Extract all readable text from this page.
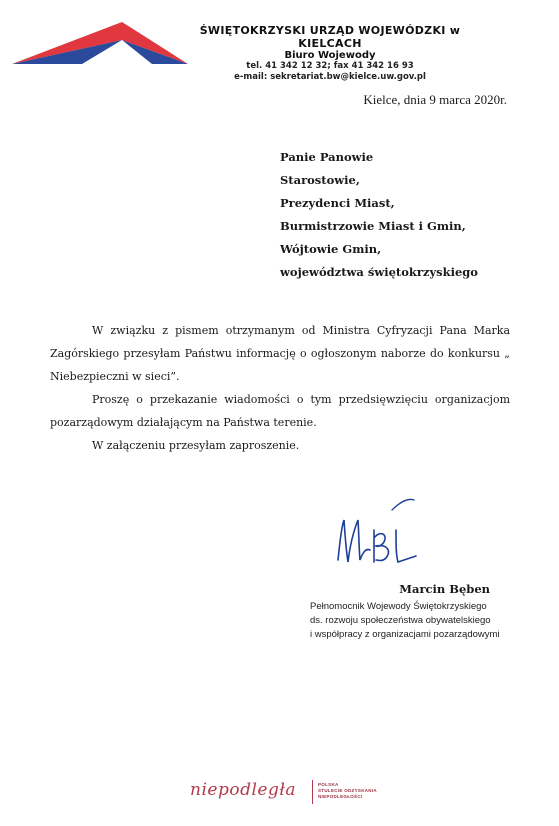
ŚWIĘTOKRZYSKI URZĄD WOJEWÓDZKI w KIELCACH
Biuro Wojewody
tel. 41 342 12 32; fax 41 342 16 93
e-mail: sekretariat.bw@kielce.uw.gov.pl
Kielce, dnia 9 marca 2020r.
Panie Panowie
Starostowie,
Prezydenci Miast,
Burmistrzowie Miast i Gmin,
Wójtowie Gmin,
województwa świętokrzyskiego

W związku z pismem otrzymanym od Ministra Cyfryzacji Pana Marka Zagórskiego przesyłam Państwu informację o ogłoszonym naborze do konkursu „ Niebezpieczni w sieci”.

Proszę o przekazanie wiadomości o tym przedsięwzięciu organizacjom pozarządowym działającym na Państwa terenie.

W załączeniu przesyłam zaproszenie.

Marcin Bęben
Pełnomocnik Wojewody Świętokrzyskiego
ds. rozwoju społeczeństwa obywatelskiego
i współpracy z organizacjami pozarządowymi
niepodległa	POLSKA
STULECIE ODZYSKANIA
NIEPODLEGŁOŚCI
